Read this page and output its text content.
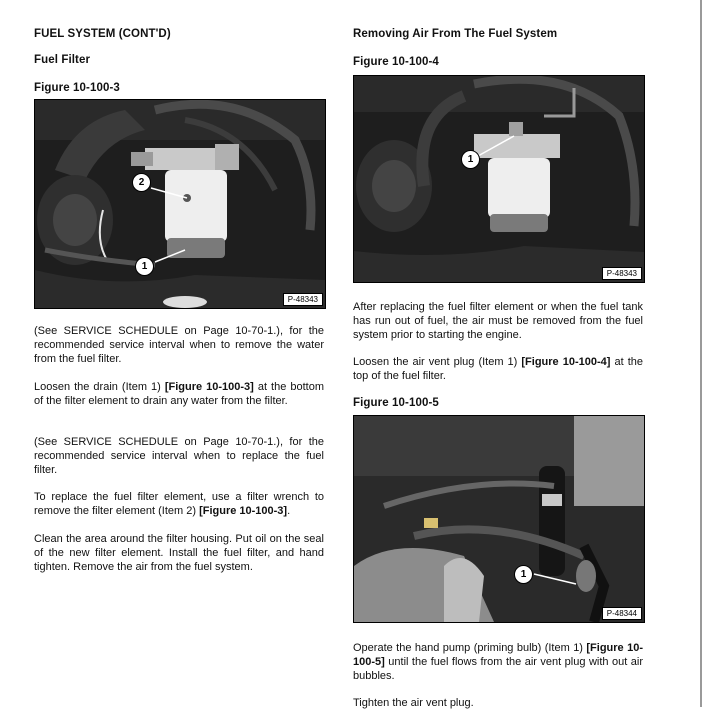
FUEL SYSTEM (CONT'D)
Fuel Filter
Figure 10-100-3
2
1
P-48343

(See SERVICE SCHEDULE on Page 10-70-1.), for the recommended service interval when to remove the water from the fuel filter.

Loosen the drain (Item 1) [Figure 10-100-3] at the bottom of the filter element to drain any water from the filter.

(See SERVICE SCHEDULE on Page 10-70-1.), for the recommended service interval when to replace the fuel filter.

To replace the fuel filter element, use a filter wrench to remove the filter element (Item 2) [Figure 10-100-3].

Clean the area around the filter housing. Put oil on the seal of the new filter element. Install the fuel filter, and hand tighten. Remove the air from the fuel system.

Removing Air From The Fuel System
Figure 10-100-4
1
P-48343

After replacing the fuel filter element or when the fuel tank has run out of fuel, the air must be removed from the fuel system prior to starting the engine.

Loosen the air vent plug (Item 1) [Figure 10-100-4] at the top of the fuel filter.

Figure 10-100-5
1
P-48344

Operate the hand pump (priming bulb) (Item 1) [Figure 10-100-5] until the fuel flows from the air vent plug with out air bubbles.

Tighten the air vent plug.
